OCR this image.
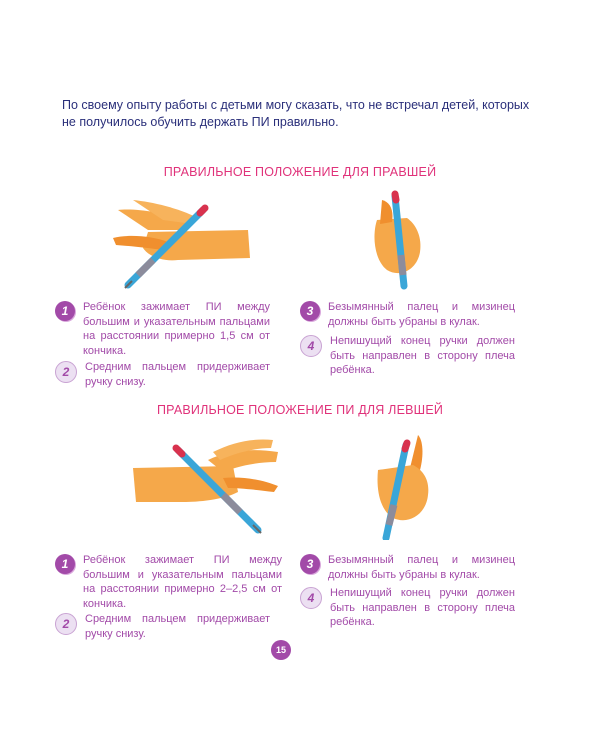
По своему опыту работы с детьми могу сказать, что не встречал детей, которых не получилось обучить держать ПИ правильно.

ПРАВИЛЬНОЕ ПОЛОЖЕНИЕ ДЛЯ ПРАВШЕЙ
1	Ребёнок зажимает ПИ между большим и указательным пальцами на расстоянии примерно 1,5 см от кончика.

2	Средним пальцем придерживает ручку снизу.

3	Безымянный палец и мизинец должны быть убраны в кулак.

4	Непишущий конец ручки должен быть направлен в сторону плеча ребёнка.

ПРАВИЛЬНОЕ ПОЛОЖЕНИЕ ПИ ДЛЯ ЛЕВШЕЙ
1	Ребёнок зажимает ПИ между большим и указательным пальцами на расстоянии примерно 2–2,5 см от кончика.

2	Средним пальцем придерживает ручку снизу.

3	Безымянный палец и мизинец должны быть убраны в кулак.

4	Непишущий конец ручки должен быть направлен в сторону плеча ребёнка.

15
